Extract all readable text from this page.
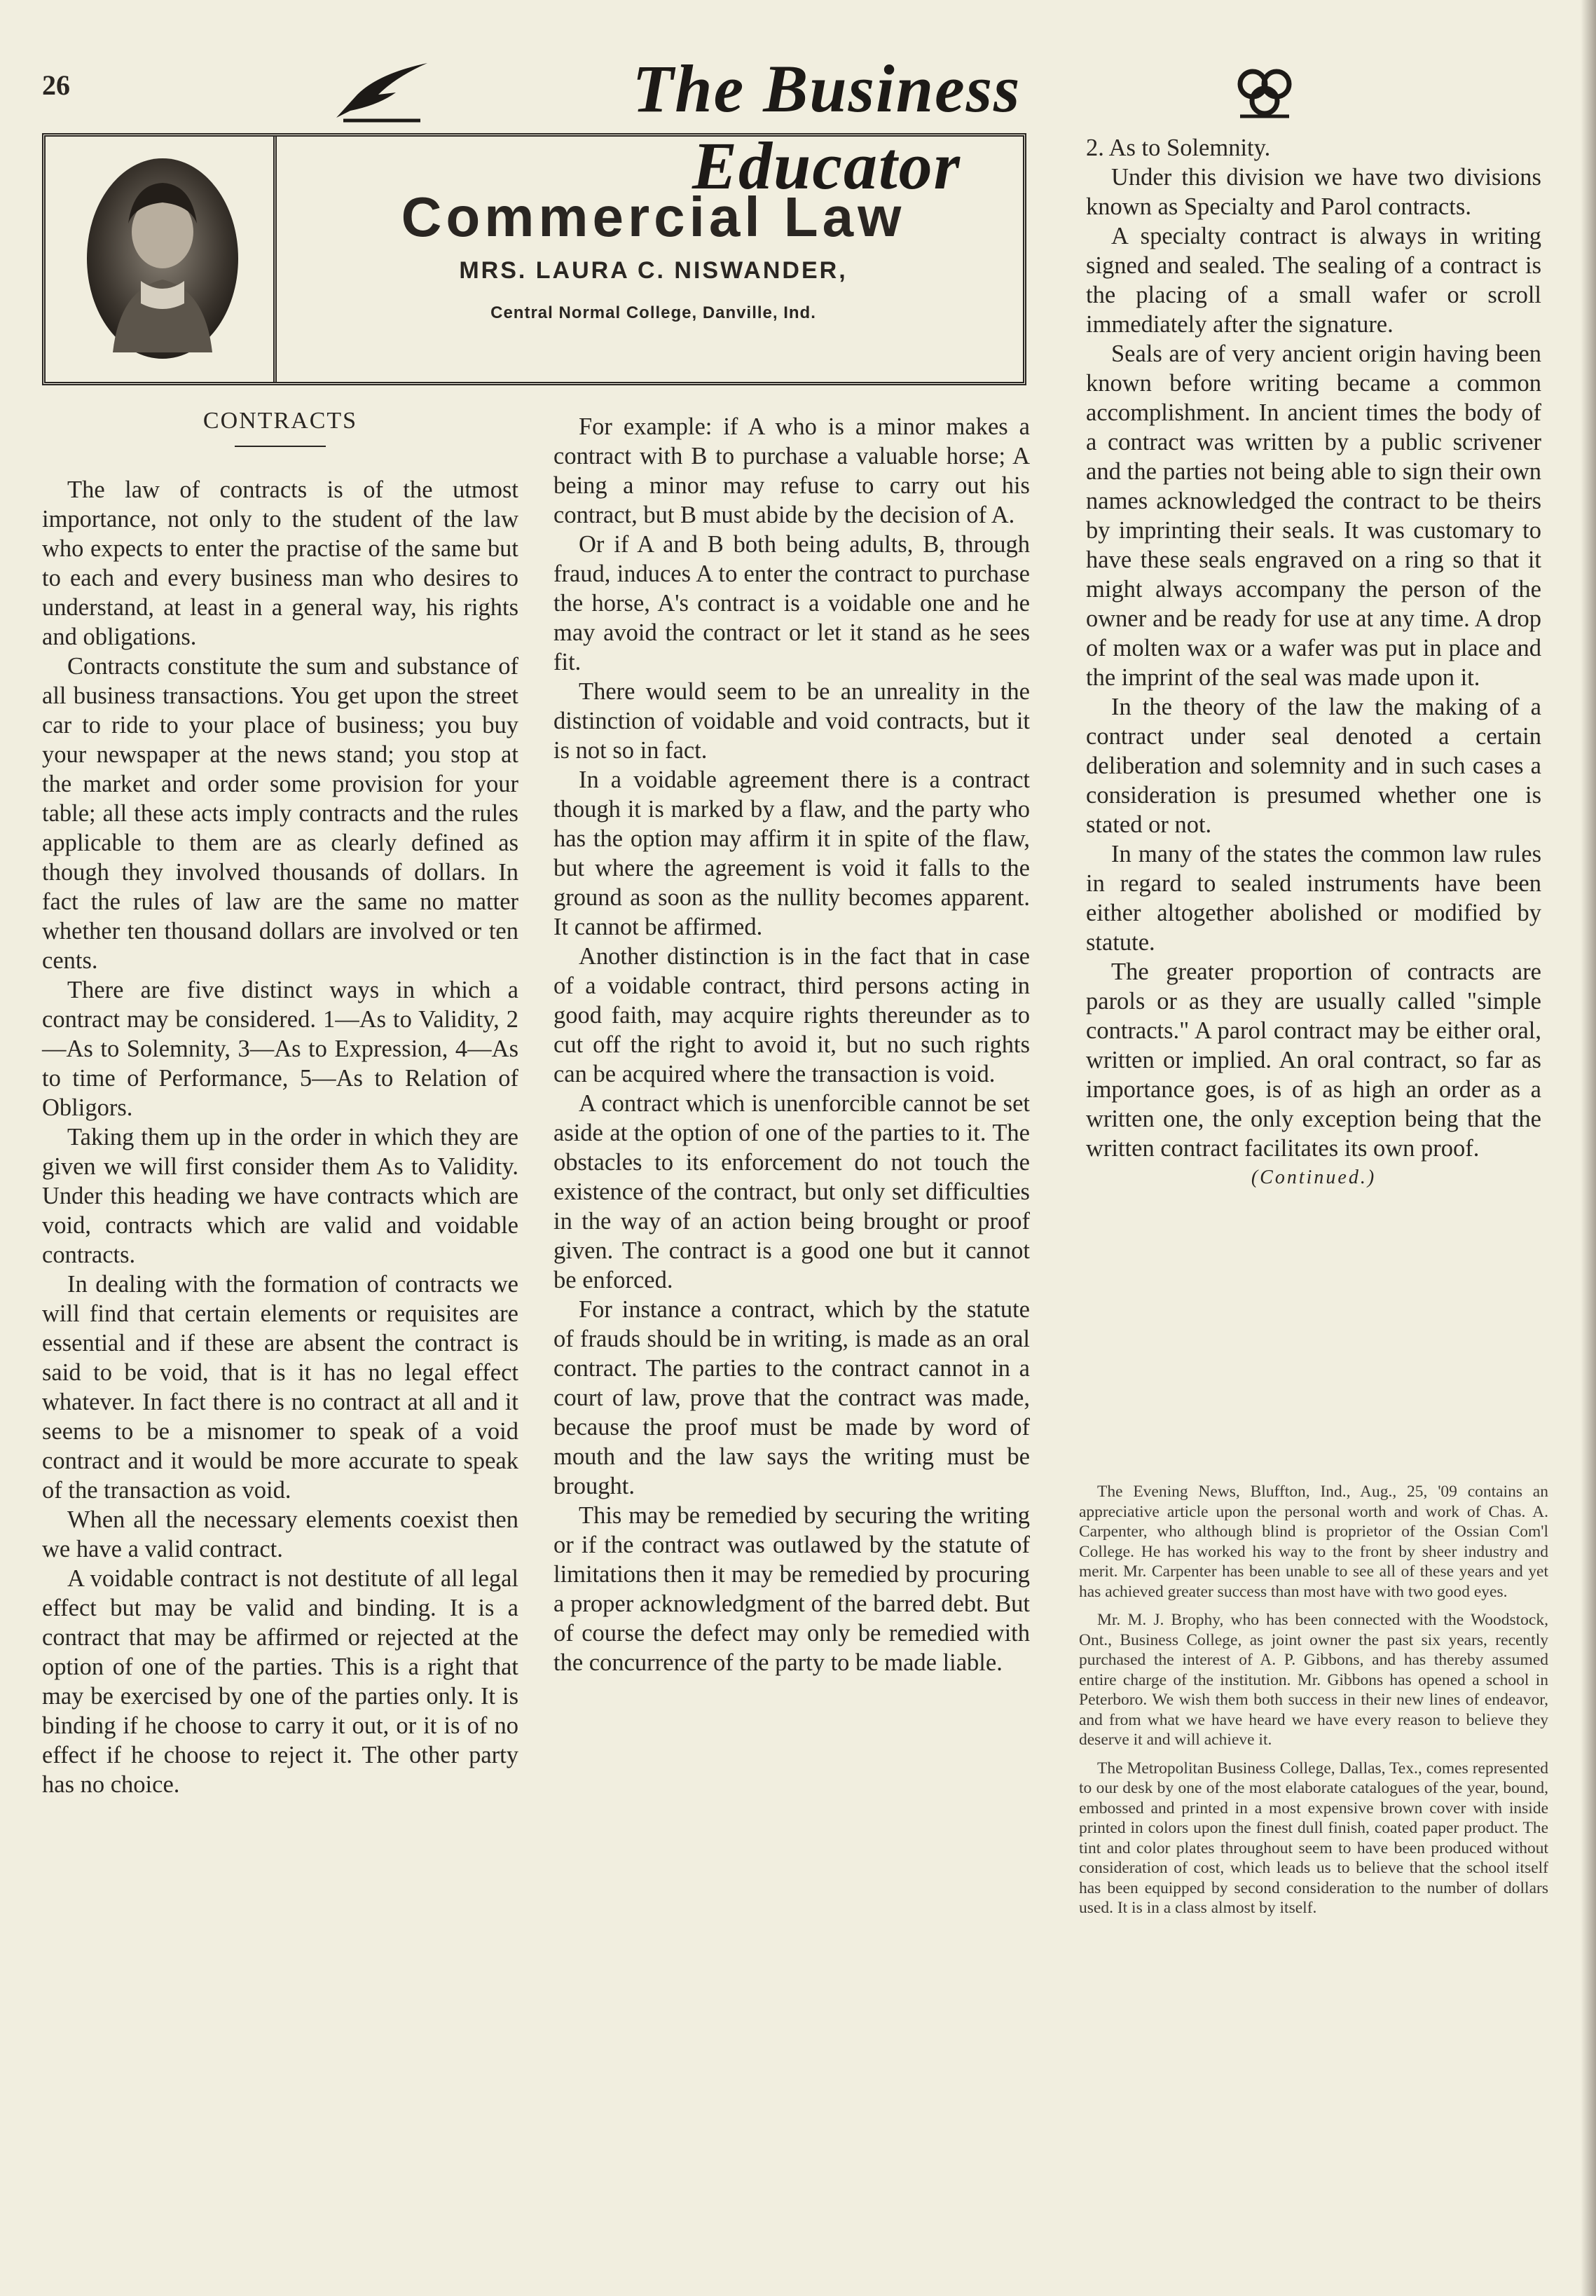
26	The Business Educator
Commercial Law
MRS. LAURA C. NISWANDER,
Central Normal College, Danville, Ind.

CONTRACTS

The law of contracts is of the utmost importance, not only to the student of the law who expects to enter the practise of the same but to each and every business man who desires to understand, at least in a general way, his rights and obligations.

Contracts constitute the sum and substance of all business transactions. You get upon the street car to ride to your place of business; you buy your newspaper at the news stand; you stop at the market and order some provision for your table; all these acts imply contracts and the rules applicable to them are as clearly defined as though they involved thousands of dollars. In fact the rules of law are the same no matter whether ten thousand dollars are involved or ten cents.

There are five distinct ways in which a contract may be considered. 1—As to Validity, 2—As to Solemnity, 3—As to Expression, 4—As to time of Performance, 5—As to Relation of Obligors.

Taking them up in the order in which they are given we will first consider them As to Validity. Under this heading we have contracts which are void, contracts which are valid and voidable contracts.

In dealing with the formation of contracts we will find that certain elements or requisites are essential and if these are absent the contract is said to be void, that is it has no legal effect whatever. In fact there is no contract at all and it seems to be a misnomer to speak of a void contract and it would be more accurate to speak of the transaction as void.

When all the necessary elements coexist then we have a valid contract.

A voidable contract is not destitute of all legal effect but may be valid and binding. It is a contract that may be affirmed or rejected at the option of one of the parties. This is a right that may be exercised by one of the parties only. It is binding if he choose to carry it out, or it is of no effect if he choose to reject it. The other party has no choice.

For example: if A who is a minor makes a contract with B to purchase a valuable horse; A being a minor may refuse to carry out his contract, but B must abide by the decision of A.

Or if A and B both being adults, B, through fraud, induces A to enter the contract to purchase the horse, A's contract is a voidable one and he may avoid the contract or let it stand as he sees fit.

There would seem to be an unreality in the distinction of voidable and void contracts, but it is not so in fact.

In a voidable agreement there is a contract though it is marked by a flaw, and the party who has the option may affirm it in spite of the flaw, but where the agreement is void it falls to the ground as soon as the nullity becomes apparent. It cannot be affirmed.

Another distinction is in the fact that in case of a voidable contract, third persons acting in good faith, may acquire rights thereunder as to cut off the right to avoid it, but no such rights can be acquired where the transaction is void.

A contract which is unenforcible cannot be set aside at the option of one of the parties to it. The obstacles to its enforcement do not touch the existence of the contract, but only set difficulties in the way of an action being brought or proof given. The contract is a good one but it cannot be enforced.

For instance a contract, which by the statute of frauds should be in writing, is made as an oral contract. The parties to the contract cannot in a court of law, prove that the contract was made, because the proof must be made by word of mouth and the law says the writing must be brought.

This may be remedied by securing the writing or if the contract was outlawed by the statute of limitations then it may be remedied by procuring a proper acknowledgment of the barred debt. But of course the defect may only be remedied with the concurrence of the party to be made liable.

2. As to Solemnity.

Under this division we have two divisions known as Specialty and Parol contracts.

A specialty contract is always in writing signed and sealed. The sealing of a contract is the placing of a small wafer or scroll immediately after the signature.

Seals are of very ancient origin having been known before writing became a common accomplishment. In ancient times the body of a contract was written by a public scrivener and the parties not being able to sign their own names acknowledged the contract to be theirs by imprinting their seals. It was customary to have these seals engraved on a ring so that it might always accompany the person of the owner and be ready for use at any time. A drop of molten wax or a wafer was put in place and the imprint of the seal was made upon it.

In the theory of the law the making of a contract under seal denoted a certain deliberation and solemnity and in such cases a consideration is presumed whether one is stated or not.

In many of the states the common law rules in regard to sealed instruments have been either altogether abolished or modified by statute.

The greater proportion of contracts are parols or as they are usually called "simple contracts." A parol contract may be either oral, written or implied. An oral contract, so far as importance goes, is of as high an order as a written one, the only exception being that the written contract facilitates its own proof.

(Continued.)

The Evening News, Bluffton, Ind., Aug., 25, '09 contains an appreciative article upon the personal worth and work of Chas. A. Carpenter, who although blind is proprietor of the Ossian Com'l College. He has worked his way to the front by sheer industry and merit. Mr. Carpenter has been unable to see all of these years and yet has achieved greater success than most have with two good eyes.

Mr. M. J. Brophy, who has been connected with the Woodstock, Ont., Business College, as joint owner the past six years, recently purchased the interest of A. P. Gibbons, and has thereby assumed entire charge of the institution. Mr. Gibbons has opened a school in Peterboro. We wish them both success in their new lines of endeavor, and from what we have heard we have every reason to believe they deserve it and will achieve it.

The Metropolitan Business College, Dallas, Tex., comes represented to our desk by one of the most elaborate catalogues of the year, bound, embossed and printed in a most expensive brown cover with inside printed in colors upon the finest dull finish, coated paper product. The tint and color plates throughout seem to have been produced without consideration of cost, which leads us to believe that the school itself has been equipped by second consideration to the number of dollars used. It is in a class almost by itself.
